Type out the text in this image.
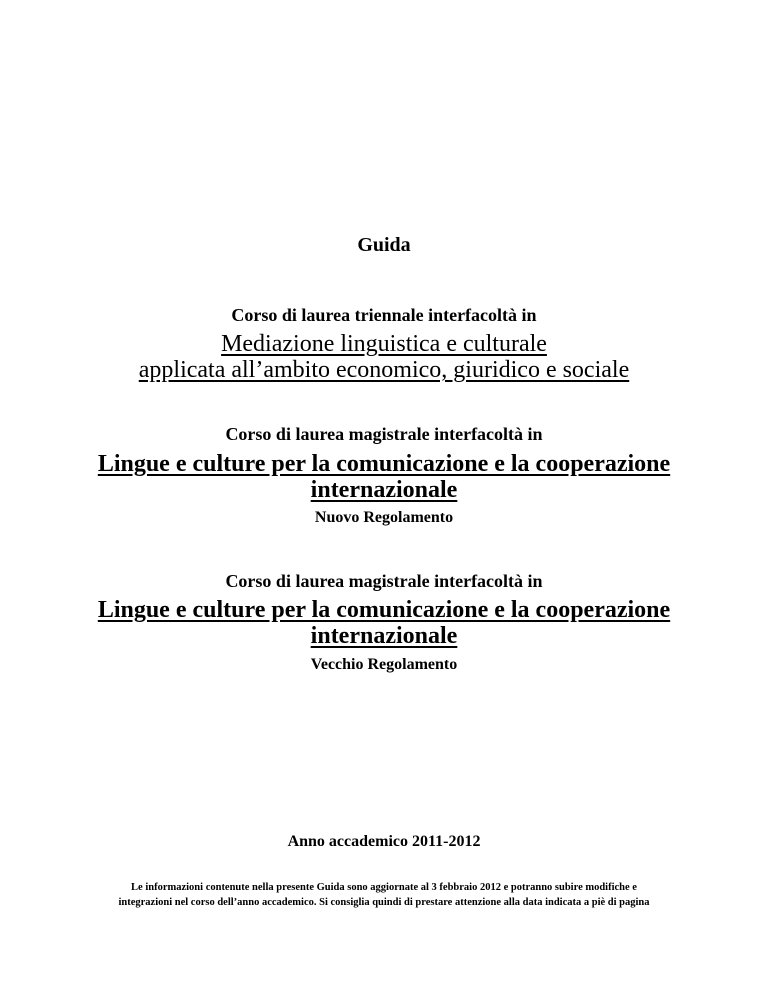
Guida

Corso di laurea triennale interfacoltà in

Mediazione linguistica e culturale

applicata all’ambito economico, giuridico e sociale

Corso di laurea magistrale interfacoltà in

Lingue e culture per la comunicazione e la cooperazione

internazionale

Nuovo Regolamento

Corso di laurea magistrale interfacoltà in

Lingue e culture per la comunicazione e la cooperazione

internazionale

Vecchio Regolamento

Anno accademico 2011-2012

Le informazioni contenute nella presente Guida sono aggiornate al 3 febbraio 2012 e potranno subire modifiche e

integrazioni nel corso dell’anno accademico. Si consiglia quindi di prestare attenzione alla data indicata a piè di pagina
